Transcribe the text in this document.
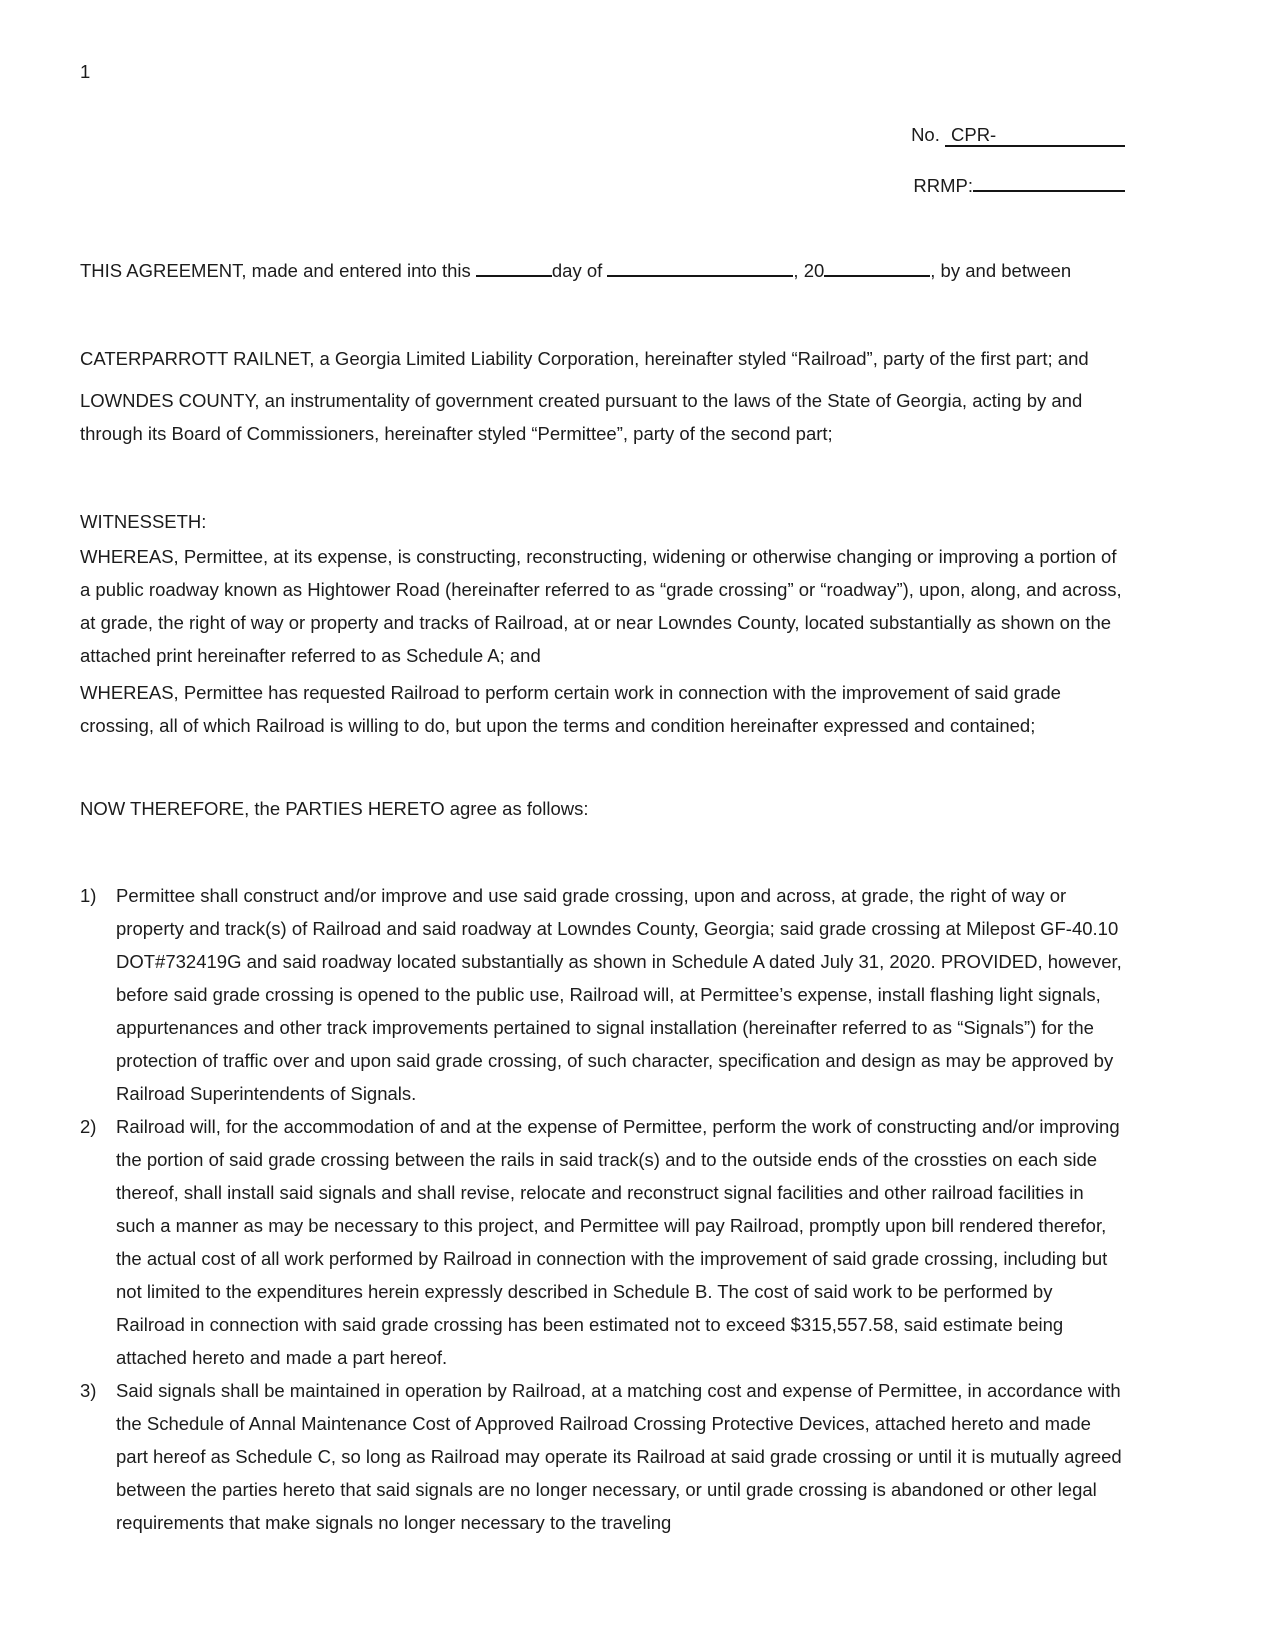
1
No. CPR-
RRMP:

THIS AGREEMENT, made and entered into this	day of	, 20	, by and between

CATERPARROTT RAILNET, a Georgia Limited Liability Corporation, hereinafter styled “Railroad”, party of the first part; and

LOWNDES COUNTY, an instrumentality of government created pursuant to the laws of the State of Georgia, acting by and through its Board of Commissioners, hereinafter styled “Permittee”, party of the second part;

WITNESSETH:

WHEREAS, Permittee, at its expense, is constructing, reconstructing, widening or otherwise changing or improving a portion of a public roadway known as Hightower Road (hereinafter referred to as “grade crossing” or “roadway”), upon, along, and across, at grade, the right of way or property and tracks of Railroad, at or near Lowndes County, located substantially as shown on the attached print hereinafter referred to as Schedule A; and

WHEREAS, Permittee has requested Railroad to perform certain work in connection with the improvement of said grade crossing, all of which Railroad is willing to do, but upon the terms and condition hereinafter expressed and contained;

NOW THEREFORE, the PARTIES HERETO agree as follows:

1)	Permittee shall construct and/or improve and use said grade crossing, upon and across, at grade, the right of way or property and track(s) of Railroad and said roadway at Lowndes County, Georgia; said grade crossing at Milepost GF-40.10 DOT#732419G and said roadway located substantially as shown in Schedule A dated July 31, 2020. PROVIDED, however, before said grade crossing is opened to the public use, Railroad will, at Permittee’s expense, install flashing light signals, appurtenances and other track improvements pertained to signal installation (hereinafter referred to as “Signals”) for the protection of traffic over and upon said grade crossing, of such character, specification and design as may be approved by Railroad Superintendents of Signals.
2)	Railroad will, for the accommodation of and at the expense of Permittee, perform the work of constructing and/or improving the portion of said grade crossing between the rails in said track(s) and to the outside ends of the crossties on each side thereof, shall install said signals and shall revise, relocate and reconstruct signal facilities and other railroad facilities in such a manner as may be necessary to this project, and Permittee will pay Railroad, promptly upon bill rendered therefor, the actual cost of all work performed by Railroad in connection with the improvement of said grade crossing, including but not limited to the expenditures herein expressly described in Schedule B. The cost of said work to be performed by Railroad in connection with said grade crossing has been estimated not to exceed $315,557.58, said estimate being attached hereto and made a part hereof.
3)	Said signals shall be maintained in operation by Railroad, at a matching cost and expense of Permittee, in accordance with the Schedule of Annal Maintenance Cost of Approved Railroad Crossing Protective Devices, attached hereto and made part hereof as Schedule C, so long as Railroad may operate its Railroad at said grade crossing or until it is mutually agreed between the parties hereto that said signals are no longer necessary, or until grade crossing is abandoned or other legal requirements that make signals no longer necessary to the traveling
